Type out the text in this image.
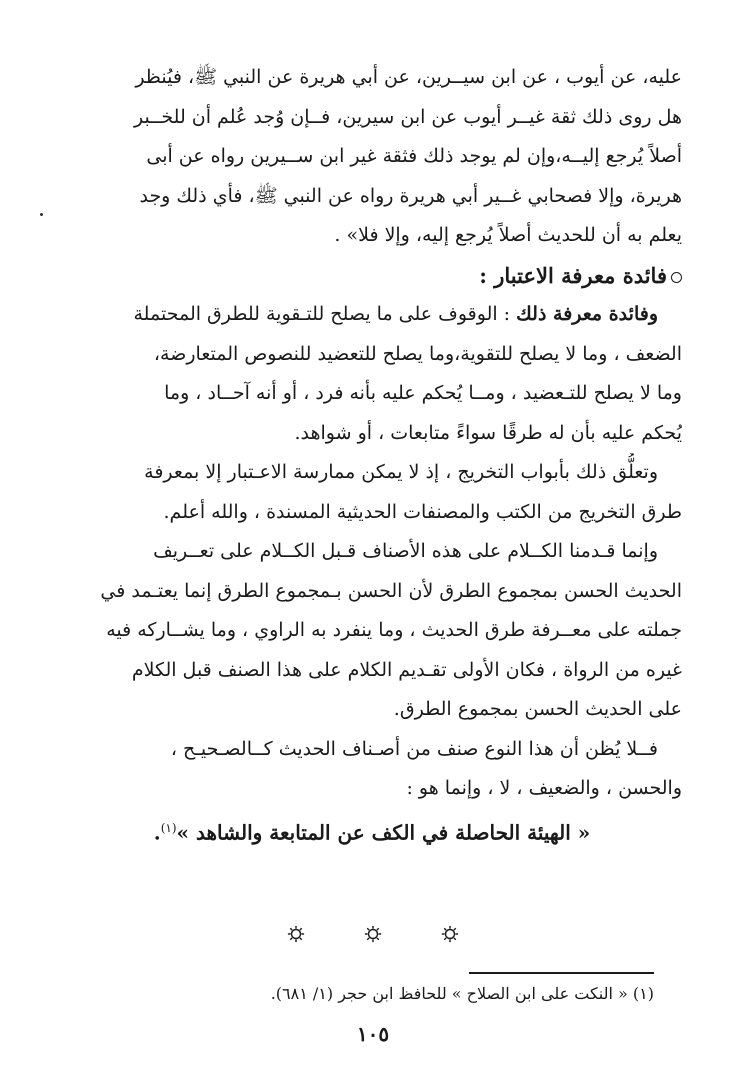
عليه، عن أيوب ، عن ابن سيــرين، عن أبي هريرة عن النبي ﷺ، فيُنظر
هل روى ذلك ثقة غيــر أيوب عن ابن سيرين، فــإن وُجد عُلم أن للخــبر
أصلاً يُرجع إليــه،وإن لم يوجد ذلك فثقة غير ابن ســيرين رواه عن أبى
هريرة، وإلا فصحابي غــير أبي هريرة رواه عن النبي ﷺ، فأي ذلك وجد
يعلم به أن للحديث أصلاً يُرجع إليه، وإلا فلا» .
فائدة معرفة الاعتبار :
وفائدة معرفة ذلك : الوقوف على ما يصلح للتـقوية للطرق المحتملة
الضعف ، وما لا يصلح للتقوية،وما يصلح للتعضيد للنصوص المتعارضة،
وما لا يصلح للتـعضيد ، ومــا يُحكم عليه بأنه فرد ، أو أنه آحــاد ، وما
يُحكم عليه بأن له طرقًا سواءً متابعات ، أو شواهد.
وتعلُّق ذلك بأبواب التخريج ، إذ لا يمكن ممارسة الاعـتبار إلا بمعرفة
طرق التخريج من الكتب والمصنفات الحديثية المسندة ، والله أعلم.
وإنما قـدمنا الكــلام على هذه الأصناف قـبل الكــلام على تعــريف
الحديث الحسن بمجموع الطرق لأن الحسن بـمجموع الطرق إنما يعتـمد في
جملته على معــرفة طرق الحديث ، وما ينفرد به الراوي ، وما يشــاركه فيه
غيره من الرواة ، فكان الأولى تقـديم الكلام على هذا الصنف قبل الكلام
على الحديث الحسن بمجموع الطرق.
فــلا يُظن أن هذا النوع صنف من أصـناف الحديث كــالصـحيـح ،
والحسن ، والضعيف ، لا ، وإنما هو :
« الهيئة الحاصلة في الكف عن المتابعة والشاهد »$^{(١)}$.

(١) « النكت على ابن الصلاح » للحافظ ابن حجر (١/ ٦٨١).
١٠٥
